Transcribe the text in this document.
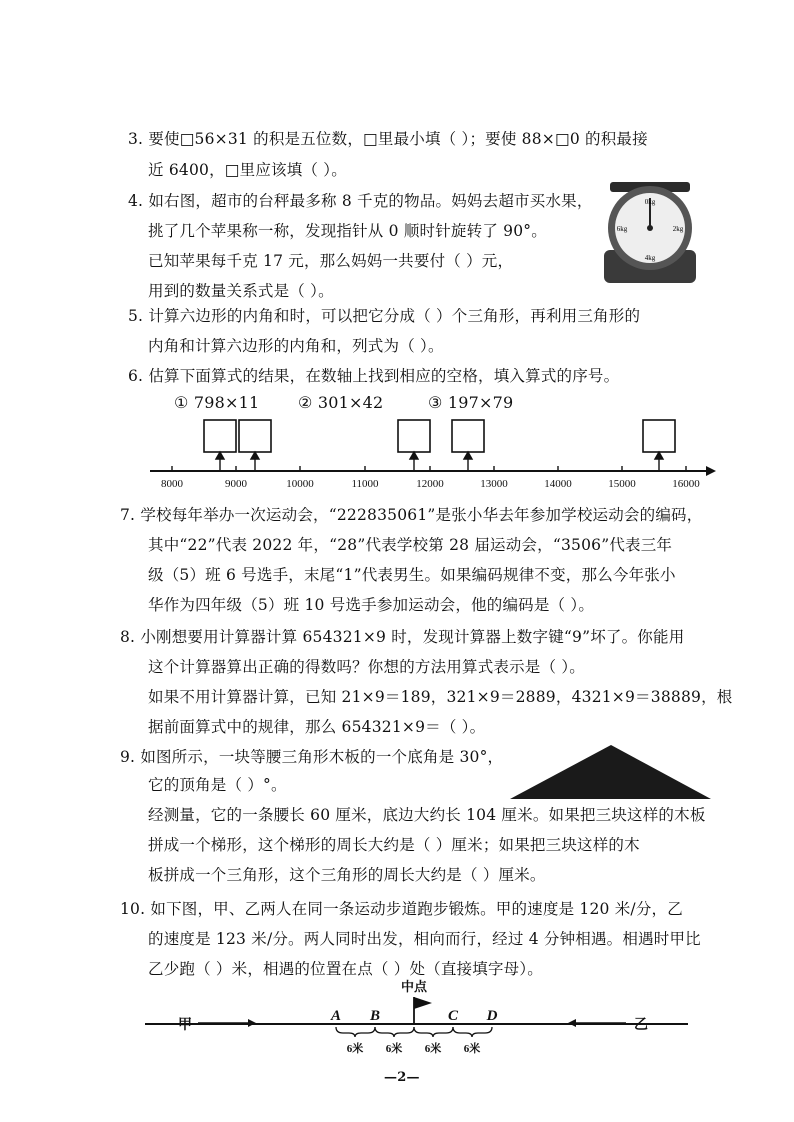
3. 要使□56×31 的积是五位数，□里最小填（ ）；要使 88×□0 的积最接
近 6400，□里应该填（ ）。
4. 如右图，超市的台秤最多称 8 千克的物品。妈妈去超市买水果，
挑了几个苹果称一称，发现指针从 0 顺时针旋转了 90°。
已知苹果每千克 17 元，那么妈妈一共要付（ ）元，
用到的数量关系式是（ ）。
0kg
2kg
4kg
6kg
5. 计算六边形的内角和时，可以把它分成（ ）个三角形，再利用三角形的
内角和计算六边形的内角和，列式为（ ）。
6. 估算下面算式的结果，在数轴上找到相应的空格，填入算式的序号。
① 798×11 ② 301×42	③ 197×79
8000	9000	10000	11000	12000	13000	14000	15000	16000
7. 学校每年举办一次运动会，“222835061”是张小华去年参加学校运动会的编码，
其中“22”代表 2022 年，“28”代表学校第 28 届运动会，“3506”代表三年
级（5）班 6 号选手，末尾“1”代表男生。如果编码规律不变，那么今年张小
华作为四年级（5）班 10 号选手参加运动会，他的编码是（ ）。
8. 小刚想要用计算器计算 654321×9 时，发现计算器上数字键“9”坏了。你能用
这个计算器算出正确的得数吗？你想的方法用算式表示是（ ）。
如果不用计算器计算，已知 21×9＝189，321×9＝2889，4321×9＝38889，根
据前面算式中的规律，那么 654321×9＝（ ）。
9. 如图所示，一块等腰三角形木板的一个底角是 30°，
它的顶角是（ ）°。
经测量，它的一条腰长 60 厘米，底边大约长 104 厘米。如果把三块这样的木板
拼成一个梯形，这个梯形的周长大约是（ ）厘米；如果把三块这样的木
板拼成一个三角形，这个三角形的周长大约是（ ）厘米。
10. 如下图，甲、乙两人在同一条运动步道跑步锻炼。甲的速度是 120 米/分，乙
的速度是 123 米/分。两人同时出发，相向而行，经过 4 分钟相遇。相遇时甲比
乙少跑（ ）米，相遇的位置在点（ ）处（直接填字母）。
中点
甲	乙
A B	C D
6米 6米 6米 6米
—2—
